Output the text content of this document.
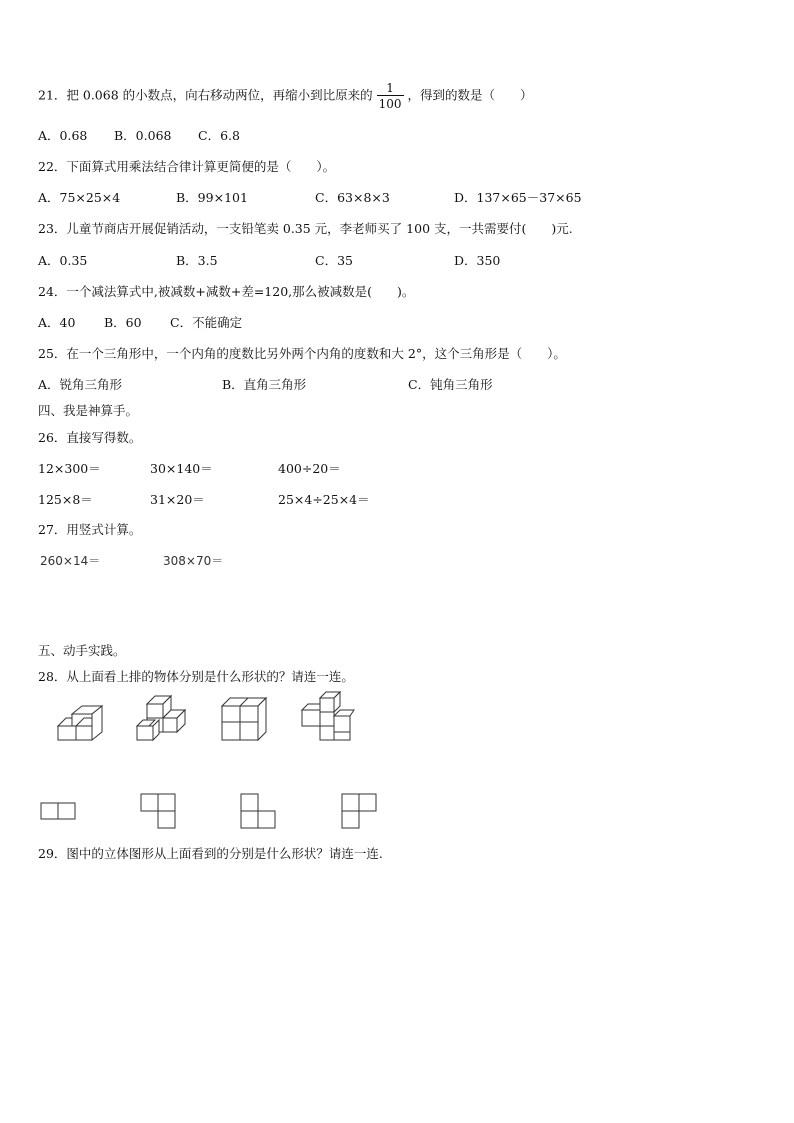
21．把 0.068 的小数点，向右移动两位，再缩小到比原来的 $\frac{1}{100}$ ，得到的数是（　　）
A．0.68 B．0.068 C．6.8
22．下面算式用乘法结合律计算更简便的是（　　）。
A．75×25×4	B．99×101	C．63×8×3	D．137×65－37×65
23．儿童节商店开展促销活动，一支铅笔卖 0.35 元，李老师买了 100 支，一共需要付(　　)元.
A．0.35	B．3.5	C．35	D．350
24．一个减法算式中,被减数+减数+差=120,那么被减数是(　　)。
A．40 B．60 C．不能确定
25．在一个三角形中，一个内角的度数比另外两个内角的度数和大 2°，这个三角形是（　　）。
A．锐角三角形	B．直角三角形	C．钝角三角形
四、我是神算手。
26．直接写得数。
12×300＝	30×140＝	400÷20＝
125×8＝	31×20＝	25×4÷25×4＝
27．用竖式计算。
260×14＝	308×70＝
五、动手实践。
28．从上面看上排的物体分别是什么形状的？请连一连。
29．图中的立体图形从上面看到的分别是什么形状？请连一连.
